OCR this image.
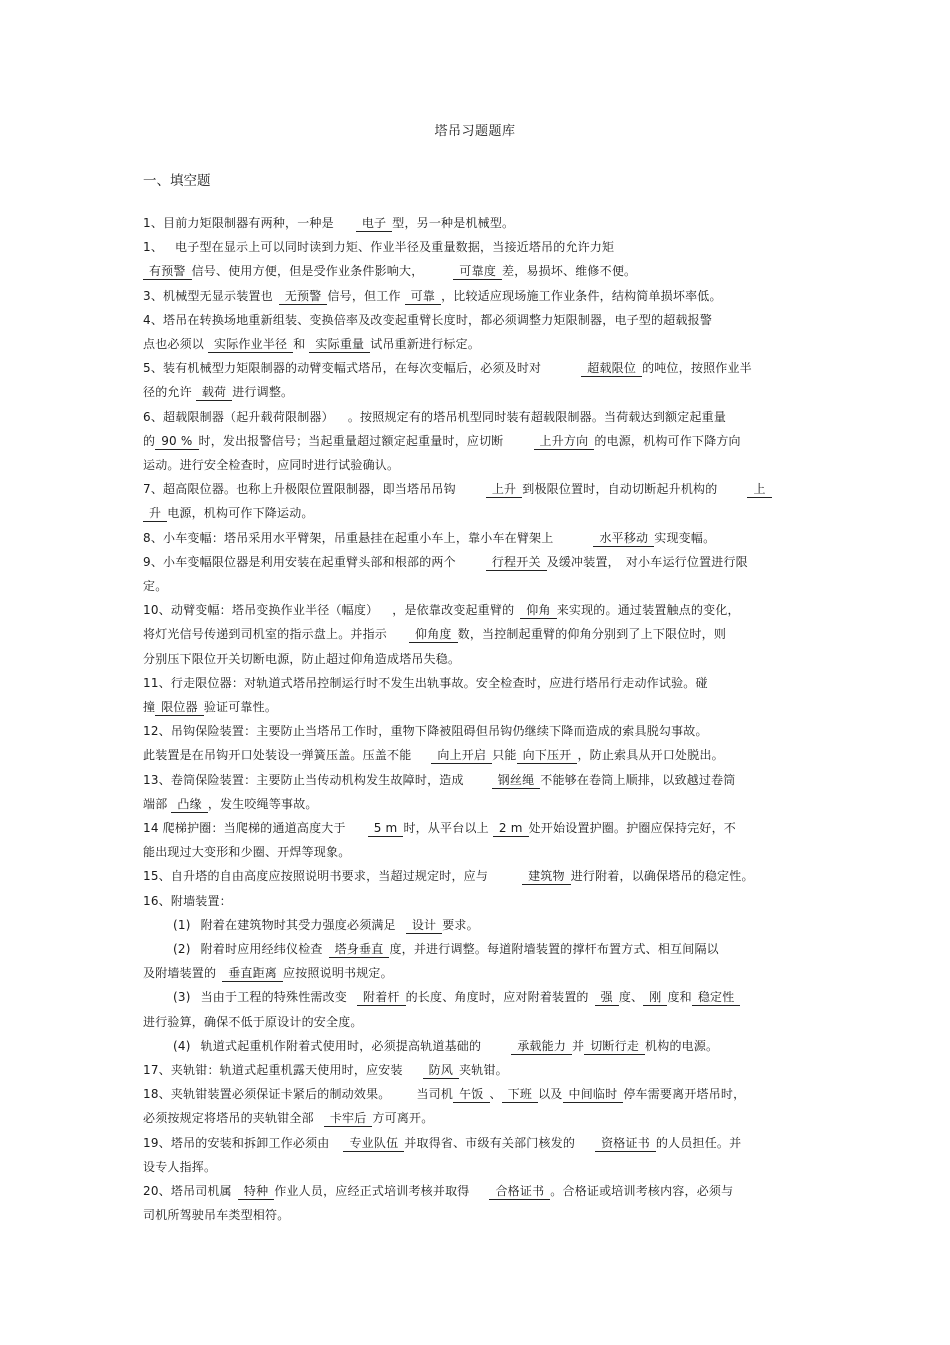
塔吊习题题库
一、填空题
1、目前力矩限制器有两种，一种是 电子 型，另一种是机械型。
1、 电子型在显示上可以同时读到力矩、作业半径及重量数据，当接近塔吊的允许力矩
有预警 信号、使用方便，但是受作业条件影响大，	可靠度 差，易损坏、维修不便。
3、机械型无显示装置也 无预警 信号，但工作 可靠 ，比较适应现场施工作业条件，结构简单损坏率低。
4、塔吊在转换场地重新组装、变换倍率及改变起重臂长度时，都必须调整力矩限制器，电子型的超载报警
点也必须以 实际作业半径 和 实际重量 试吊重新进行标定。
5、装有机械型力矩限制器的动臂变幅式塔吊，在每次变幅后，必须及时对	超载限位 的吨位，按照作业半
径的允许 载荷 进行调整。
6、超载限制器（起升载荷限制器） 。按照规定有的塔吊机型同时装有超载限制器。当荷载达到额定起重量
的 90 % 时，发出报警信号；当起重量超过额定起重量时，应切断	上升方向 的电源，机构可作下降方向
运动。进行安全检查时，应同时进行试验确认。
7、超高限位器。也称上升极限位置限制器，即当塔吊吊钩	上升 到极限位置时，自动切断起升机构的	上
升 电源，机构可作下降运动。
8、小车变幅：塔吊采用水平臂架，吊重悬挂在起重小车上，靠小车在臂架上	水平移动 实现变幅。
9、小车变幅限位器是利用安装在起重臂头部和根部的两个	行程开关 及缓冲装置， 对小车运行位置进行限
定。
10、动臂变幅：塔吊变换作业半径（幅度） ，是依靠改变起重臂的 仰角 来实现的。通过装置触点的变化，
将灯光信号传递到司机室的指示盘上。并指示 仰角度 数，当控制起重臂的仰角分别到了上下限位时，则
分别压下限位开关切断电源，防止超过仰角造成塔吊失稳。
11、行走限位器：对轨道式塔吊控制运行时不发生出轨事故。安全检查时，应进行塔吊行走动作试验。碰
撞 限位器 验证可靠性。
12、吊钩保险装置：主要防止当塔吊工作时，重物下降被阻碍但吊钩仍继续下降而造成的索具脱勾事故。
此装置是在吊钩开口处装设一弹簧压盖。压盖不能 向上开启 只能 向下压开 ，防止索具从开口处脱出。
13、卷筒保险装置：主要防止当传动机构发生故障时，造成	钢丝绳 不能够在卷筒上顺排，以致越过卷筒
端部 凸缘 ，发生咬绳等事故。
14 爬梯护圈：当爬梯的通道高度大于 5 m 时，从平台以上 2 m 处开始设置护圈。护圈应保持完好，不
能出现过大变形和少圈、开焊等现象。
15、自升塔的自由高度应按照说明书要求，当超过规定时，应与	建筑物 进行附着，以确保塔吊的稳定性。
16、附墙装置：
(1) 附着在建筑物时其受力强度必须满足 设计 要求。
(2) 附着时应用经纬仪检查 塔身垂直 度，并进行调整。每道附墙装置的撑杆布置方式、相互间隔以
及附墙装置的 垂直距离 应按照说明书规定。
(3) 当由于工程的特殊性需改变 附着杆 的长度、角度时，应对附着装置的 强 度、 刚 度和 稳定性
进行验算，确保不低于原设计的安全度。
(4) 轨道式起重机作附着式使用时，必须提高轨道基础的	承载能力 并 切断行走 机构的电源。
17、夹轨钳：轨道式起重机露天使用时，应安装 防风 夹轨钳。
18、夹轨钳装置必须保证卡紧后的制动效果。 当司机 午饭 、 下班 以及 中间临时 停车需要离开塔吊时，
必须按规定将塔吊的夹轨钳全部 卡牢后 方可离开。
19、塔吊的安装和拆卸工作必须由 专业队伍 并取得省、市级有关部门核发的 资格证书 的人员担任。并
设专人指挥。
20、塔吊司机属 特种 作业人员，应经正式培训考核并取得 合格证书 。合格证或培训考核内容，必须与
司机所驾驶吊车类型相符。
